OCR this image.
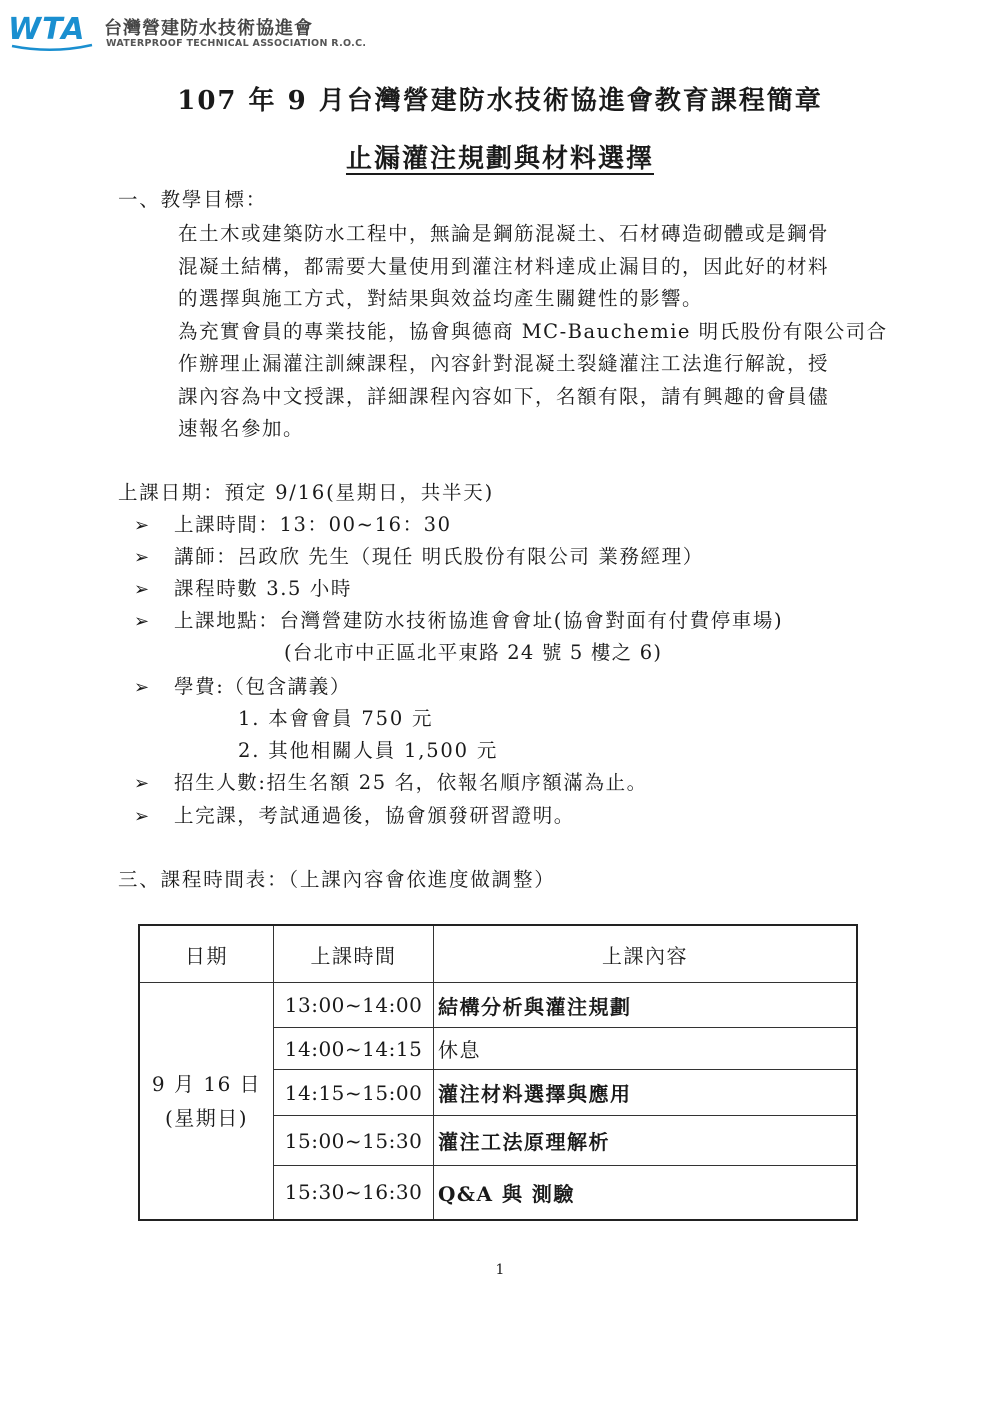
WTA	台灣營建防水技術協進會
WATERPROOF TECHNICAL ASSOCIATION R.O.C.
107 年 9 月台灣營建防水技術協進會教育課程簡章
止漏灌注規劃與材料選擇
一、教學目標：
在土木或建築防水工程中，無論是鋼筋混凝土、石材磚造砌體或是鋼骨
混凝土結構，都需要大量使用到灌注材料達成止漏目的，因此好的材料
的選擇與施工方式，對結果與效益均產生關鍵性的影響。
為充實會員的專業技能，協會與德商 MC-Bauchemie 明氏股份有限公司合
作辦理止漏灌注訓練課程，內容針對混凝土裂縫灌注工法進行解說，授
課內容為中文授課，詳細課程內容如下，名額有限，請有興趣的會員儘
速報名參加。
上課日期：預定 9/16(星期日，共半天)
➢ 上課時間：13：00~16：30
➢ 講師：呂政欣 先生（現任 明氏股份有限公司 業務經理）
➢ 課程時數 3.5 小時
➢ 上課地點：台灣營建防水技術協進會會址(協會對面有付費停車場)
(台北市中正區北平東路 24 號 5 樓之 6)
➢ 學費:（包含講義）
1. 本會會員 750 元
2. 其他相關人員 1,500 元
➢ 招生人數:招生名額 25 名，依報名順序額滿為止。
➢ 上完課，考試通過後，協會頒發研習證明。
三、課程時間表：（上課內容會依進度做調整）
日期	上課時間	上課內容

9 月 16 日
(星期日)	13:00~14:00	結構分析與灌注規劃
	14:00~14:15	休息
	14:15~15:00	灌注材料選擇與應用
	15:00~15:30	灌注工法原理解析
	15:30~16:30	Q&A 與 測驗
1
